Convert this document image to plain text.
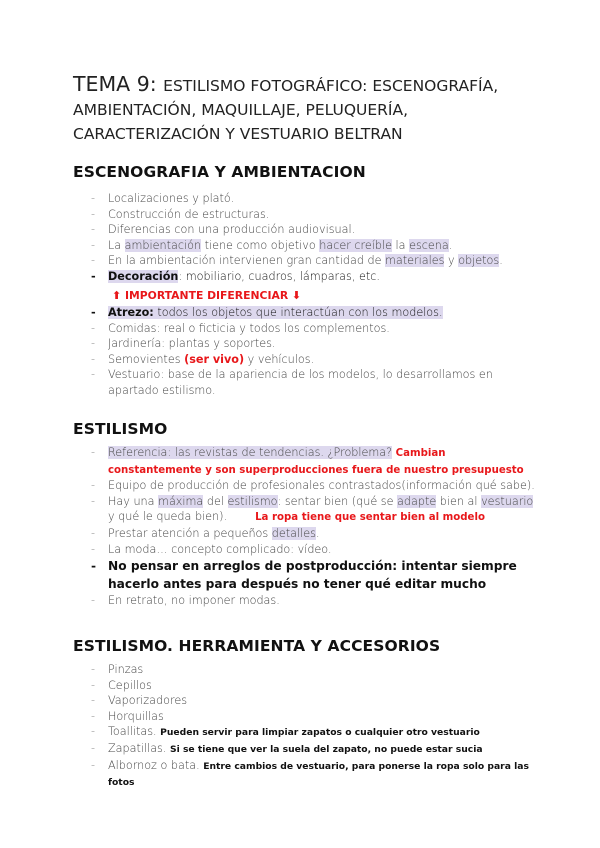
TEMA 9: ESTILISMO FOTOGRÁFICO: ESCENOGRAFÍA,
AMBIENTACIÓN, MAQUILLAJE, PELUQUERÍA,
CARACTERIZACIÓN Y VESTUARIO BELTRAN
ESCENOGRAFIA Y AMBIENTACION
- Localizaciones y plató.
- Construcción de estructuras.
- Diferencias con una producción audiovisual.
- La ambientación tiene como objetivo hacer creíble la escena.
- En la ambientación intervienen gran cantidad de materiales y objetos.
- Decoración: mobiliario, cuadros, lámparas, etc.
⬆ IMPORTANTE DIFERENCIAR ⬇
- Atrezo: todos los objetos que interactúan con los modelos.
- Comidas: real o ficticia y todos los complementos.
- Jardinería: plantas y soportes.
- Semovientes (ser vivo) y vehículos.
- Vestuario: base de la apariencia de los modelos, lo desarrollamos en apartado estilismo.
ESTILISMO
- Referencia: las revistas de tendencias. ¿Problema? Cambian constantemente y son superproducciones fuera de nuestro presupuesto
- Equipo de producción de profesionales contrastados(información qué sabe).
- Hay una máxima del estilismo: sentar bien (qué se adapte bien al vestuario y qué le queda bien).	La ropa tiene que sentar bien al modelo
- Prestar atención a pequeños detalles.
- La moda… concepto complicado: vídeo.
- No pensar en arreglos de postproducción: intentar siempre hacerlo antes para después no tener qué editar mucho
- En retrato, no imponer modas.
ESTILISMO. HERRAMIENTA Y ACCESORIOS
- Pinzas
- Cepillos
- Vaporizadores
- Horquillas
- Toallitas. Pueden servir para limpiar zapatos o cualquier otro vestuario
- Zapatillas. Si se tiene que ver la suela del zapato, no puede estar sucia
- Albornoz o bata. Entre cambios de vestuario, para ponerse la ropa solo para las fotos
